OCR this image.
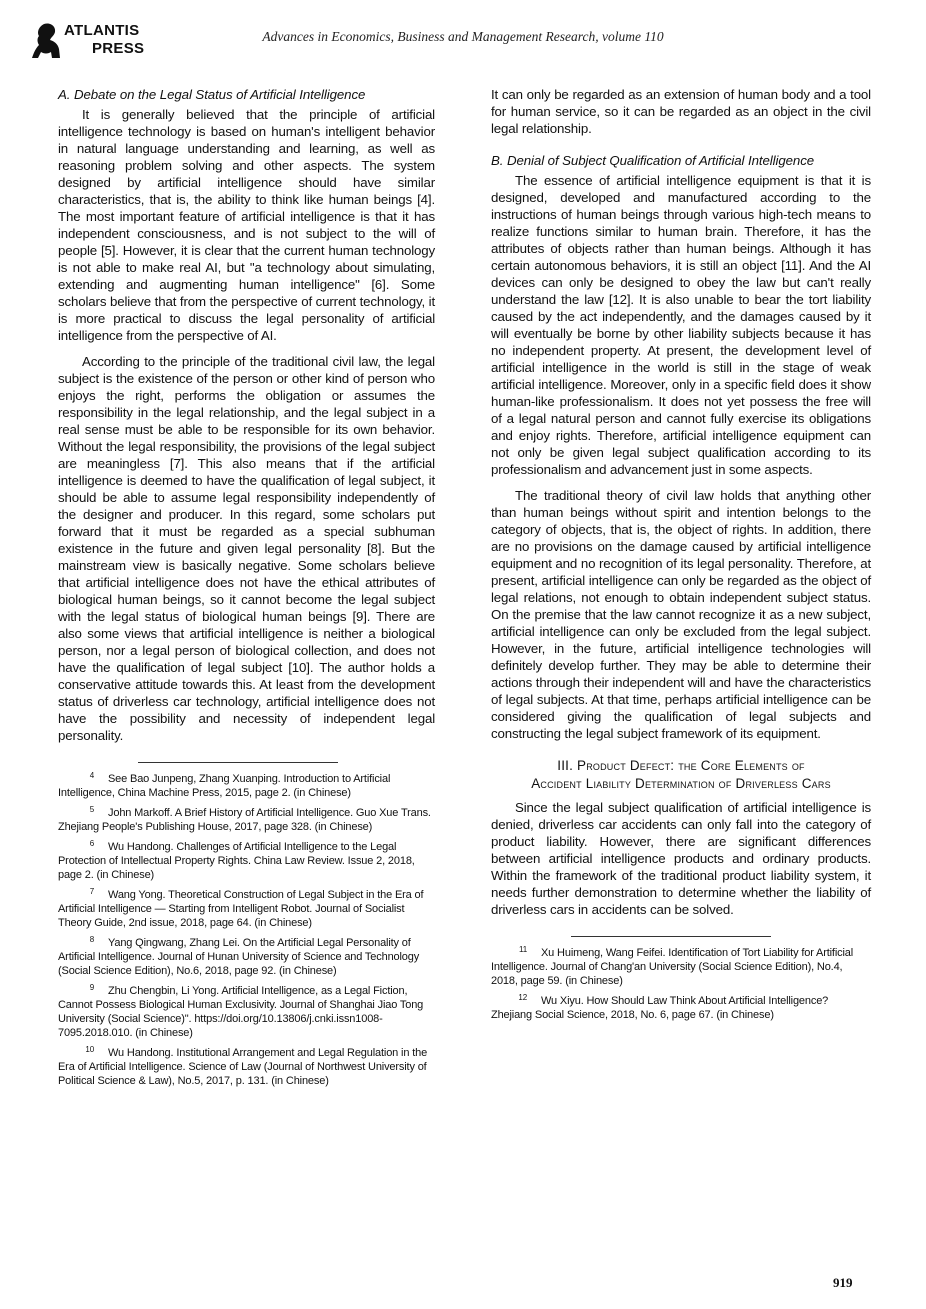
ATLANTIS
PRESS
Advances in Economics, Business and Management Research, volume 110
A. Debate on the Legal Status of Artificial Intelligence

It is generally believed that the principle of artificial intelligence technology is based on human's intelligent behavior in natural language understanding and learning, as well as reasoning problem solving and other aspects. The system designed by artificial intelligence should have similar characteristics, that is, the ability to think like human beings [4]. The most important feature of artificial intelligence is that it has independent consciousness, and is not subject to the will of people [5]. However, it is clear that the current human technology is not able to make real AI, but "a technology about simulating, extending and augmenting human intelligence" [6]. Some scholars believe that from the perspective of current technology, it is more practical to discuss the legal personality of artificial intelligence from the perspective of AI.

According to the principle of the traditional civil law, the legal subject is the existence of the person or other kind of person who enjoys the right, performs the obligation or assumes the responsibility in the legal relationship, and the legal subject in a real sense must be able to be responsible for its own behavior. Without the legal responsibility, the provisions of the legal subject are meaningless [7]. This also means that if the artificial intelligence is deemed to have the qualification of legal subject, it should be able to assume legal responsibility independently of the designer and producer. In this regard, some scholars put forward that it must be regarded as a special subhuman existence in the future and given legal personality [8]. But the mainstream view is basically negative. Some scholars believe that artificial intelligence does not have the ethical attributes of biological human beings, so it cannot become the legal subject with the legal status of biological human beings [9]. There are also some views that artificial intelligence is neither a biological person, nor a legal person of biological collection, and does not have the qualification of legal subject [10]. The author holds a conservative attitude towards this. At least from the development status of driverless car technology, artificial intelligence does not have the possibility and necessity of independent legal personality.

$^4$ See Bao Junpeng, Zhang Xuanping. Introduction to Artificial Intelligence, China Machine Press, 2015, page 2. (in Chinese)
$^5$ John Markoff. A Brief History of Artificial Intelligence. Guo Xue Trans. Zhejiang People's Publishing House, 2017, page 328. (in Chinese)
$^6$ Wu Handong. Challenges of Artificial Intelligence to the Legal Protection of Intellectual Property Rights. China Law Review. Issue 2, 2018, page 2. (in Chinese)
$^7$ Wang Yong. Theoretical Construction of Legal Subject in the Era of Artificial Intelligence — Starting from Intelligent Robot. Journal of Socialist Theory Guide, 2nd issue, 2018, page 64. (in Chinese)
$^8$ Yang Qingwang, Zhang Lei. On the Artificial Legal Personality of Artificial Intelligence. Journal of Hunan University of Science and Technology (Social Science Edition), No.6, 2018, page 92. (in Chinese)
$^9$ Zhu Chengbin, Li Yong. Artificial Intelligence, as a Legal Fiction, Cannot Possess Biological Human Exclusivity. Journal of Shanghai Jiao Tong University (Social Science)". https://doi.org/10.13806/j.cnki.issn1008-7095.2018.010. (in Chinese)
$^{10}$ Wu Handong. Institutional Arrangement and Legal Regulation in the Era of Artificial Intelligence. Science of Law (Journal of Northwest University of Political Science & Law), No.5, 2017, p. 131. (in Chinese)

It can only be regarded as an extension of human body and a tool for human service, so it can be regarded as an object in the civil legal relationship.

B. Denial of Subject Qualification of Artificial Intelligence

The essence of artificial intelligence equipment is that it is designed, developed and manufactured according to the instructions of human beings through various high-tech means to realize functions similar to human brain. Therefore, it has the attributes of objects rather than human beings. Although it has certain autonomous behaviors, it is still an object [11]. And the AI devices can only be designed to obey the law but can't really understand the law [12]. It is also unable to bear the tort liability caused by the act independently, and the damages caused by it will eventually be borne by other liability subjects because it has no independent property. At present, the development level of artificial intelligence in the world is still in the stage of weak artificial intelligence. Moreover, only in a specific field does it show human-like professionalism. It does not yet possess the free will of a legal natural person and cannot fully exercise its obligations and enjoy rights. Therefore, artificial intelligence equipment can not only be given legal subject qualification according to its professionalism and advancement just in some aspects.

The traditional theory of civil law holds that anything other than human beings without spirit and intention belongs to the category of objects, that is, the object of rights. In addition, there are no provisions on the damage caused by artificial intelligence equipment and no recognition of its legal personality. Therefore, at present, artificial intelligence can only be regarded as the object of legal relations, not enough to obtain independent subject status. On the premise that the law cannot recognize it as a new subject, artificial intelligence can only be excluded from the legal subject. However, in the future, artificial intelligence technologies will definitely develop further. They may be able to determine their actions through their independent will and have the characteristics of legal subjects. At that time, perhaps artificial intelligence can be considered giving the qualification of legal subjects and constructing the legal subject framework of its equipment.

III. Product Defect: the Core Elements of

Accident Liability Determination of Driverless Cars

Since the legal subject qualification of artificial intelligence is denied, driverless car accidents can only fall into the category of product liability. However, there are significant differences between artificial intelligence products and ordinary products. Within the framework of the traditional product liability system, it needs further demonstration to determine whether the liability of driverless cars in accidents can be solved.

$^{11}$ Xu Huimeng, Wang Feifei. Identification of Tort Liability for Artificial Intelligence. Journal of Chang'an University (Social Science Edition), No.4, 2018, page 59. (in Chinese)
$^{12}$ Wu Xiyu. How Should Law Think About Artificial Intelligence? Zhejiang Social Science, 2018, No. 6, page 67. (in Chinese)
919
